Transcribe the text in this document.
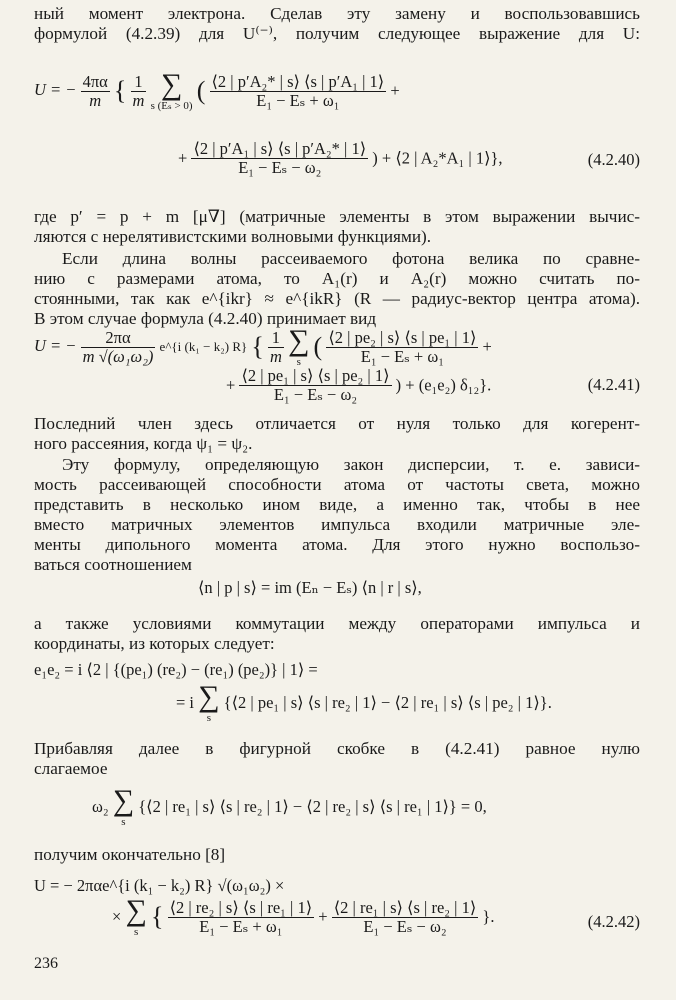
ный момент электрона. Сделав эту замену и воспользовавшись
формулой (4.2.39) для U⁽⁻⁾, получим следующее выражение для U:
U = − $\frac{4\pi\alpha}{m}$ { $\frac{1}{m}$
∑
s (Eₛ > 0)
( $\frac{\text{⟨2 | p′A₂* | s⟩ ⟨s | p′A₁ | 1⟩}}{\text{E₁ − Eₛ + ω₁}}$ +
+ $\frac{\text{⟨2 | p′A₁ | s⟩ ⟨s | p′A₂* | 1⟩}}{\text{E₁ − Eₛ − ω₂}}$ ) + ⟨2 | A₂*A₁ | 1⟩},	(4.2.40)
где p′ = p + m [μ∇] (матричные элементы в этом выражении вычис-
ляются с нерелятивистскими волновыми функциями).
Если длина волны рассеиваемого фотона велика по сравне-
нию с размерами атома, то A₁(r) и A₂(r) можно считать по-
стоянными, так как e^{ikr} ≈ e^{ikR} (R — радиус-вектор центра атома).
В этом случае формула (4.2.40) принимает вид
U = − $\frac{2\pi\alpha}{\text{m √(ω₁ω₂)}}$ e^{i (k₁ − k₂) R} { $\frac{1}{m}$
∑
s
( $\frac{\text{⟨2 | pe₂ | s⟩ ⟨s | pe₁ | 1⟩}}{\text{E₁ − Eₛ + ω₁}}$ +
+ $\frac{\text{⟨2 | pe₁ | s⟩ ⟨s | pe₂ | 1⟩}}{\text{E₁ − Eₛ − ω₂}}$ ) + (e₁e₂) δ₁₂}.	(4.2.41)
Последний член здесь отличается от нуля только для когерент-
ного рассеяния, когда ψ₁ = ψ₂.
Эту формулу, определяющую закон дисперсии, т. е. зависи-
мость рассеивающей способности атома от частоты света, можно
представить в несколько ином виде, а именно так, чтобы в нее
вместо матричных элементов импульса входили матричные эле-
менты дипольного момента атома. Для этого нужно воспользо-
ваться соотношением
⟨n | p | s⟩ = im (Eₙ − Eₛ) ⟨n | r | s⟩,
а также условиями коммутации между операторами импульса и
координаты, из которых следует:
e₁e₂ = i ⟨2 | {(pe₁) (re₂) − (re₁) (pe₂)} | 1⟩ =
= i ∑
s
{⟨2 | pe₁ | s⟩ ⟨s | re₂ | 1⟩ − ⟨2 | re₁ | s⟩ ⟨s | pe₂ | 1⟩}.
Прибавляя далее в фигурной скобке в (4.2.41) равное нулю
слагаемое
ω₂ ∑
s
{⟨2 | re₁ | s⟩ ⟨s | re₂ | 1⟩ − ⟨2 | re₂ | s⟩ ⟨s | re₁ | 1⟩} = 0,
получим окончательно [8]
U = − 2παe^{i (k₁ − k₂) R} √(ω₁ω₂) ×
× ∑
s
{ $\frac{\text{⟨2 | re₂ | s⟩ ⟨s | re₁ | 1⟩}}{\text{E₁ − Eₛ + ω₁}} + \frac{\text{⟨2 | re₁ | s⟩ ⟨s | re₂ | 1⟩}}{\text{E₁ − Eₛ − ω₂}}$ }.	(4.2.42)
236
